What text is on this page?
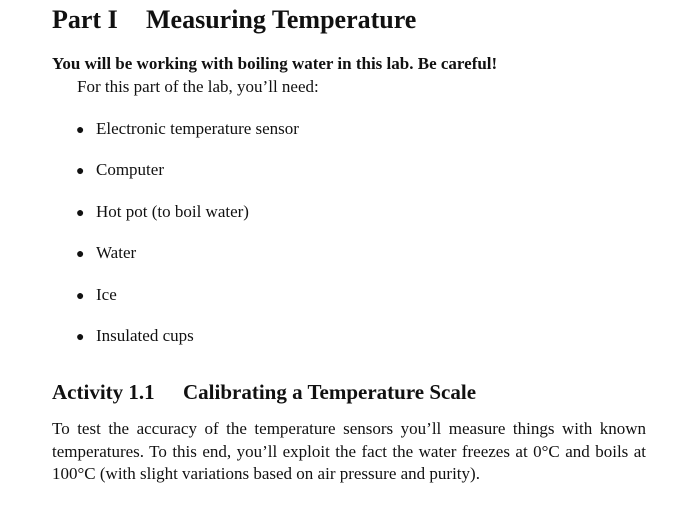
Part I Measuring Temperature
You will be working with boiling water in this lab. Be careful!
For this part of the lab, you’ll need:
● Electronic temperature sensor
● Computer
● Hot pot (to boil water)
● Water
● Ice
● Insulated cups
Activity 1.1 Calibrating a Temperature Scale

To test the accuracy of the temperature sensors you’ll measure things with known temperatures. To this end, you’ll exploit the fact the water freezes at 0°C and boils at 100°C (with slight variations based on air pressure and purity).
